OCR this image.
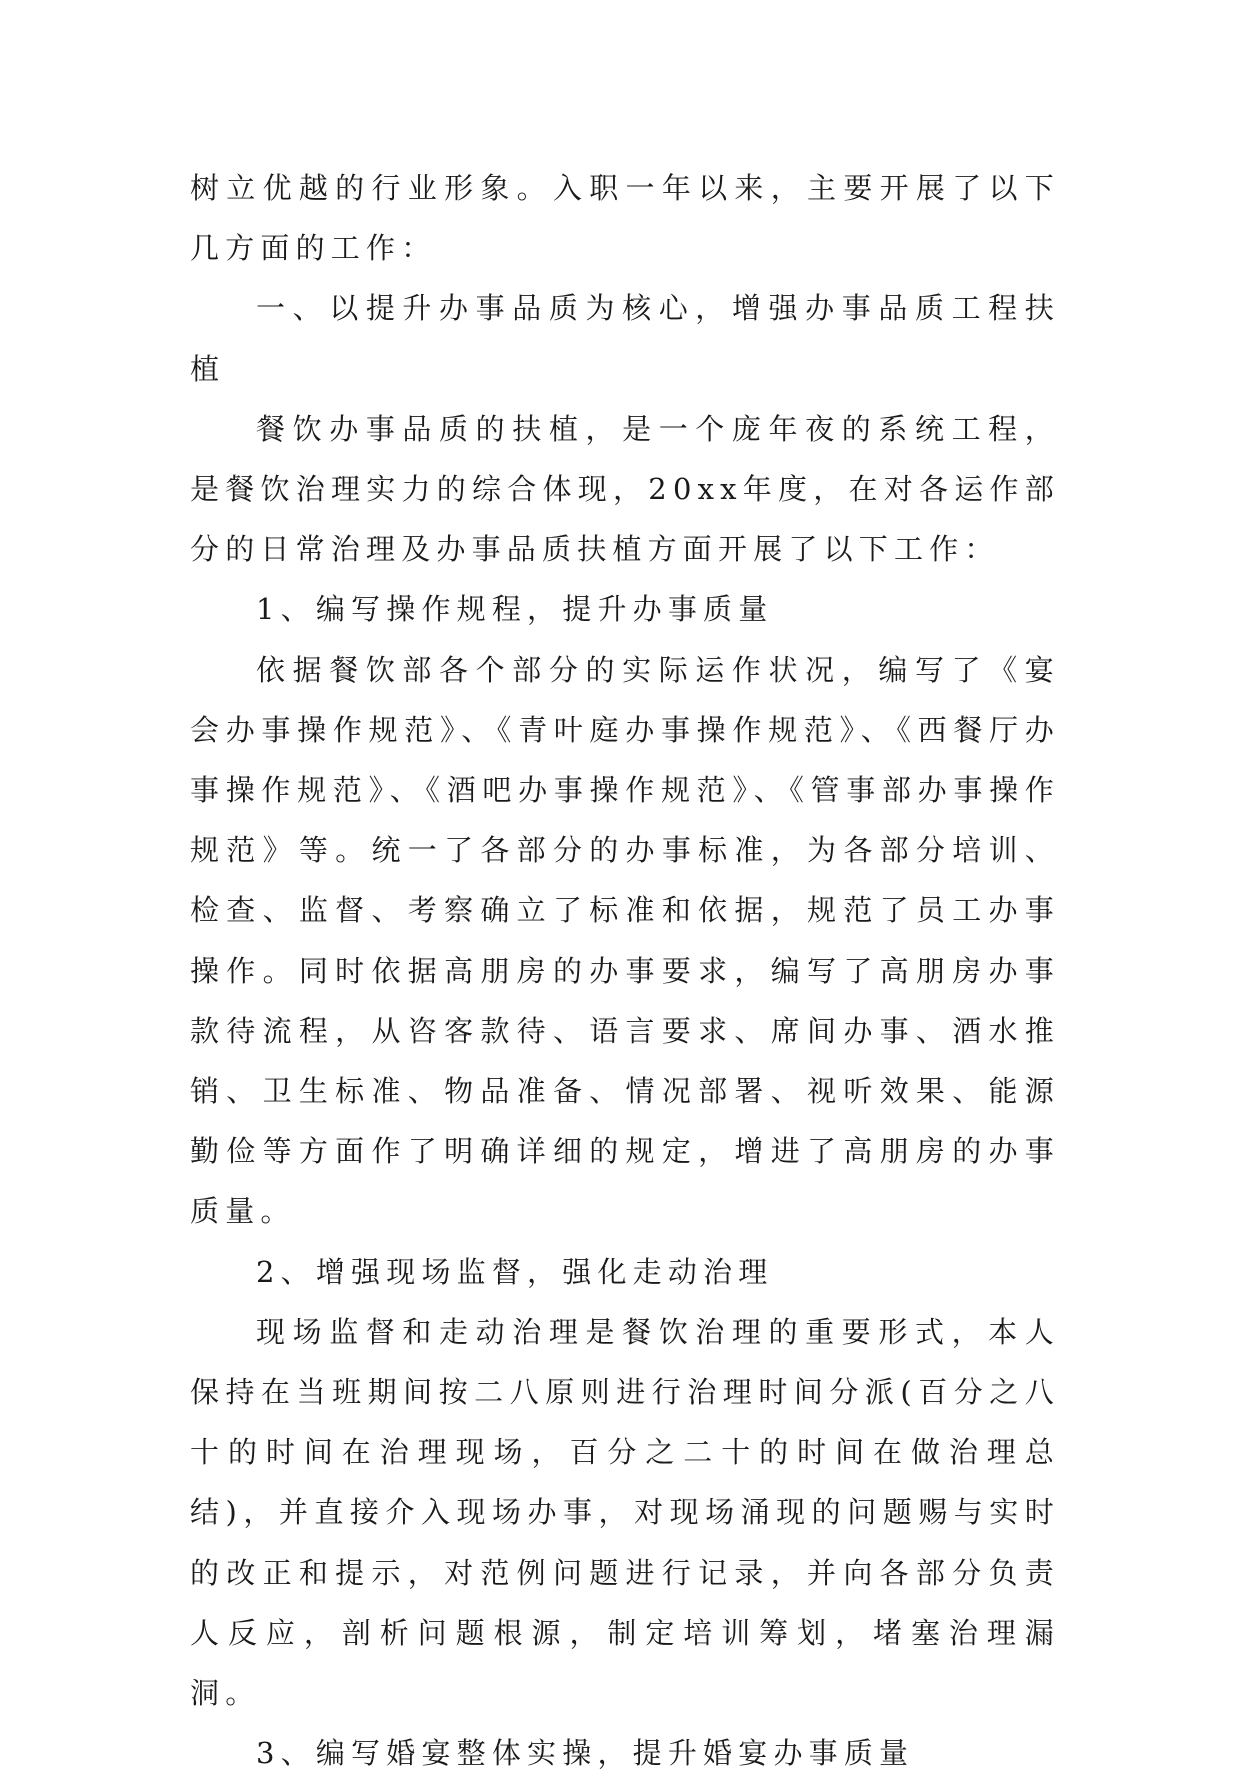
树立优越的行业形象。入职一年以来，主要开展了以下几方面的工作：

一、以提升办事品质为核心，增强办事品质工程扶植

餐饮办事品质的扶植，是一个庞年夜的系统工程，是餐饮治理实力的综合体现，20xx年度，在对各运作部分的日常治理及办事品质扶植方面开展了以下工作：

1、编写操作规程，提升办事质量

依据餐饮部各个部分的实际运作状况，编写了《宴会办事操作规范》、《青叶庭办事操作规范》、《西餐厅办事操作规范》、《酒吧办事操作规范》、《管事部办事操作规范》等。统一了各部分的办事标准，为各部分培训、检查、监督、考察确立了标准和依据，规范了员工办事操作。同时依据高朋房的办事要求，编写了高朋房办事款待流程，从咨客款待、语言要求、席间办事、酒水推销、卫生标准、物品准备、情况部署、视听效果、能源勤俭等方面作了明确详细的规定，增进了高朋房的办事质量。

2、增强现场监督，强化走动治理

现场监督和走动治理是餐饮治理的重要形式，本人保持在当班期间按二八原则进行治理时间分派(百分之八十的时间在治理现场，百分之二十的时间在做治理总结)，并直接介入现场办事，对现场涌现的问题赐与实时的改正和提示，对范例问题进行记录，并向各部分负责人反应，剖析问题根源，制定培训筹划，堵塞治理漏洞。

3、编写婚宴整体实操，提升婚宴办事质量
